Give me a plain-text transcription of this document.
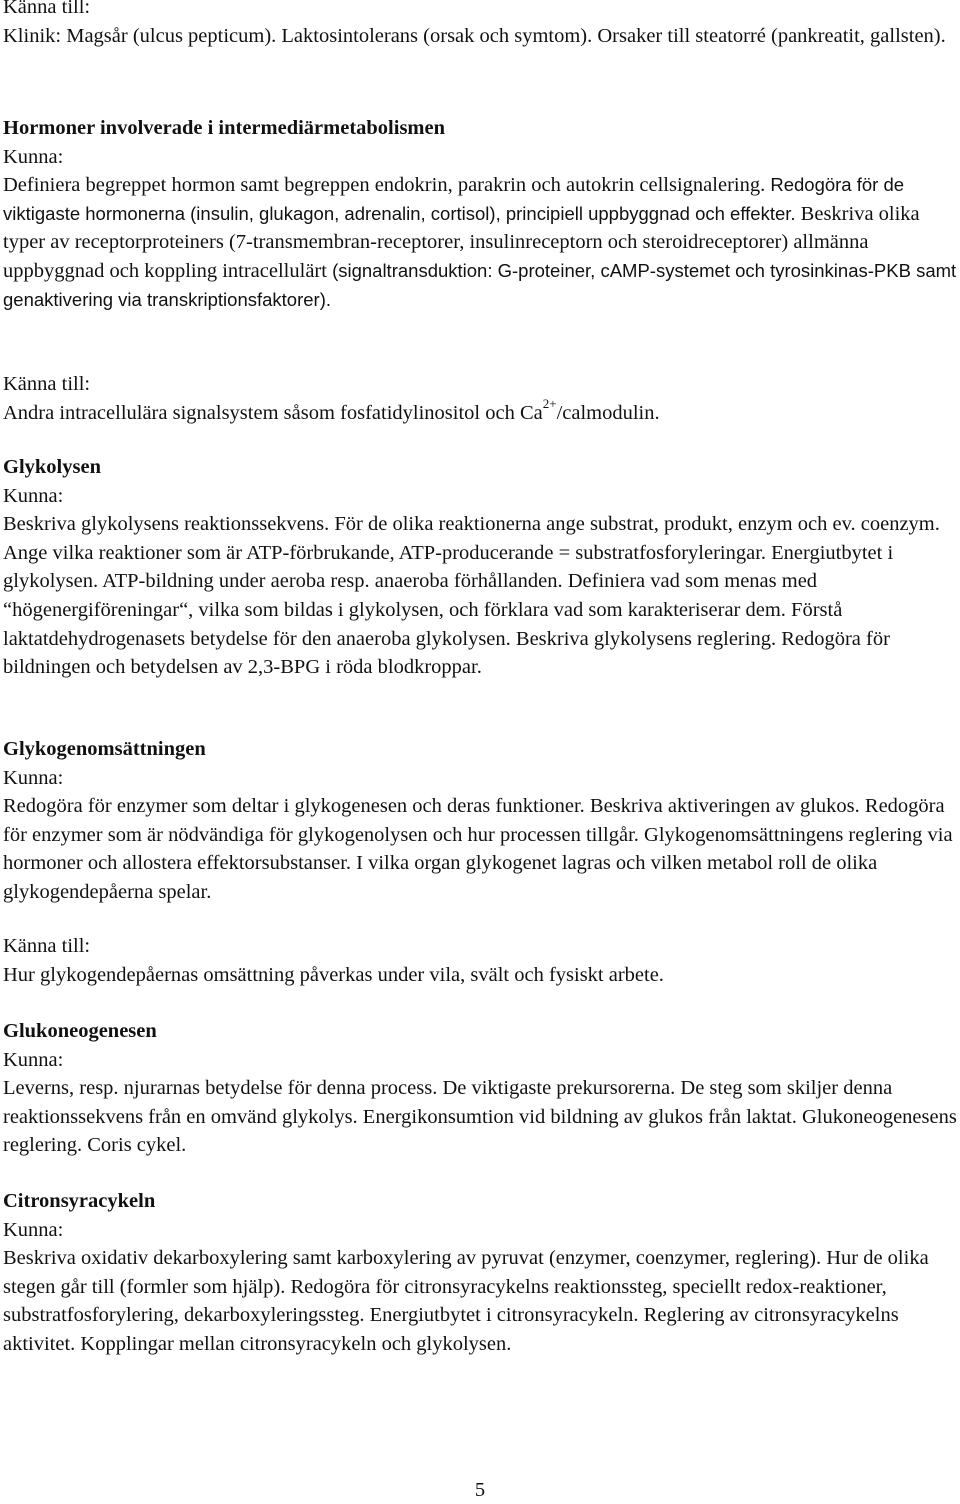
Känna till:
Klinik: Magsår (ulcus pepticum). Laktosintolerans (orsak och symtom). Orsaker till steatorré (pankreatit, gallsten).
Hormoner involverade i intermediärmetabolismen
Kunna:
Definiera begreppet hormon samt begreppen endokrin, parakrin och autokrin cellsignalering. Redogöra för de viktigaste hormonerna (insulin, glukagon, adrenalin, cortisol), principiell uppbyggnad och effekter. Beskriva olika typer av receptorproteiners (7-transmembran-receptorer, insulinreceptorn och steroidreceptorer) allmänna uppbyggnad och koppling intracellulärt (signaltransduktion: G-proteiner, cAMP-systemet och tyrosinkinas-PKB samt genaktivering via transkriptionsfaktorer).
Känna till:
Andra intracellulära signalsystem såsom fosfatidylinositol och $Ca^{2+}$/calmodulin.
Glykolysen
Kunna:
Beskriva glykolysens reaktionssekvens. För de olika reaktionerna ange substrat, produkt, enzym och ev. coenzym. Ange vilka reaktioner som är ATP-förbrukande, ATP-producerande = substratfosforyleringar. Energiutbytet i glykolysen. ATP-bildning under aeroba resp. anaeroba förhållanden. Definiera vad som menas med “högenergiföreningar“, vilka som bildas i glykolysen, och förklara vad som karakteriserar dem. Förstå laktatdehydrogenasets betydelse för den anaeroba glykolysen. Beskriva glykolysens reglering. Redogöra för bildningen och betydelsen av 2,3-BPG i röda blodkroppar.
Glykogenomsättningen
Kunna:
Redogöra för enzymer som deltar i glykogenesen och deras funktioner. Beskriva aktiveringen av glukos. Redogöra för enzymer som är nödvändiga för glykogenolysen och hur processen tillgår. Glykogenomsättningens reglering via hormoner och allostera effektorsubstanser. I vilka organ glykogenet lagras och vilken metabol roll de olika glykogendepåerna spelar.
Känna till:
Hur glykogendepåernas omsättning påverkas under vila, svält och fysiskt arbete.
Glukoneogenesen
Kunna:
Leverns, resp. njurarnas betydelse för denna process. De viktigaste prekursorerna. De steg som skiljer denna reaktionssekvens från en omvänd glykolys. Energikonsumtion vid bildning av glukos från laktat. Glukoneogenesens reglering. Coris cykel.
Citronsyracykeln
Kunna:
Beskriva oxidativ dekarboxylering samt karboxylering av pyruvat (enzymer, coenzymer, reglering). Hur de olika stegen går till (formler som hjälp). Redogöra för citronsyracykelns reaktionssteg, speciellt redox-reaktioner, substratfosforylering, dekarboxyleringssteg. Energiutbytet i citronsyracykeln. Reglering av citronsyracykelns aktivitet. Kopplingar mellan citronsyracykeln och glykolysen.
5
